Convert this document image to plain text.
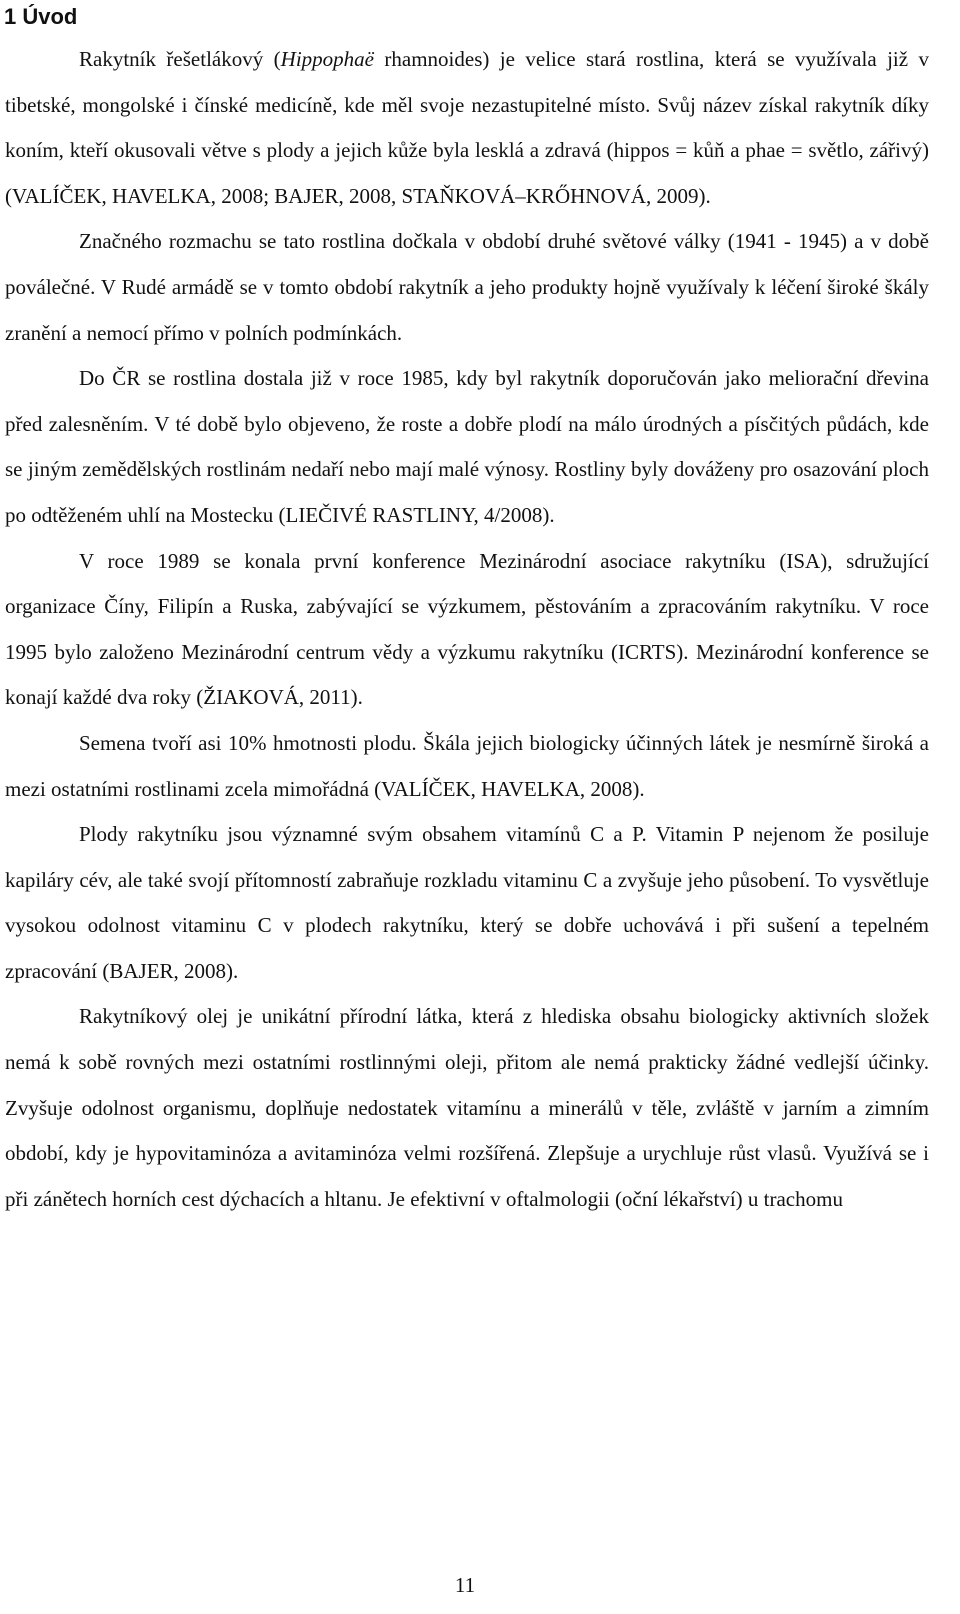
1 Úvod

Rakytník řešetlákový (Hippophaë rhamnoides) je velice stará rostlina, která se využívala již v tibetské, mongolské i čínské medicíně, kde měl svoje nezastupitelné místo. Svůj název získal rakytník díky koním, kteří okusovali větve s plody a jejich kůže byla lesklá a zdravá (hippos = kůň a phae = světlo, zářivý) (VALÍČEK, HAVELKA, 2008; BAJER, 2008, STAŇKOVÁ–KRŐHNOVÁ, 2009).

Značného rozmachu se tato rostlina dočkala v období druhé světové války (1941 - 1945) a v době poválečné. V Rudé armádě se v tomto období rakytník a jeho produkty hojně využívaly k léčení široké škály zranění a nemocí přímo v polních podmínkách.

Do ČR se rostlina dostala již v roce 1985, kdy byl rakytník doporučován jako meliorační dřevina před zalesněním. V té době bylo objeveno, že roste a dobře plodí na málo úrodných a písčitých půdách, kde se jiným zemědělských rostlinám nedaří nebo mají malé výnosy. Rostliny byly dováženy pro osazování ploch po odtěženém uhlí na Mostecku (LIEČIVÉ RASTLINY, 4/2008).

V roce 1989 se konala první konference Mezinárodní asociace rakytníku (ISA), sdružující organizace Číny, Filipín a Ruska, zabývající se výzkumem, pěstováním a zpracováním rakytníku. V roce 1995 bylo založeno Mezinárodní centrum vědy a výzkumu rakytníku (ICRTS). Mezinárodní konference se konají každé dva roky (ŽIAKOVÁ, 2011).

Semena tvoří asi 10% hmotnosti plodu. Škála jejich biologicky účinných látek je nesmírně široká a mezi ostatními rostlinami zcela mimořádná (VALÍČEK, HAVELKA, 2008).

Plody rakytníku jsou významné svým obsahem vitamínů C a P. Vitamin P nejenom že posiluje kapiláry cév, ale také svojí přítomností zabraňuje rozkladu vitaminu C a zvyšuje jeho působení. To vysvětluje vysokou odolnost vitaminu C v plodech rakytníku, který se dobře uchovává i při sušení a tepelném zpracování (BAJER, 2008).

Rakytníkový olej je unikátní přírodní látka, která z hlediska obsahu biologicky aktivních složek nemá k sobě rovných mezi ostatními rostlinnými oleji, přitom ale nemá prakticky žádné vedlejší účinky. Zvyšuje odolnost organismu, doplňuje nedostatek vitamínu a minerálů v těle, zvláště v jarním a zimním období, kdy je hypovitaminóza a avitaminóza velmi rozšířená. Zlepšuje a urychluje růst vlasů. Využívá se i při zánětech horních cest dýchacích a hltanu. Je efektivní v oftalmologii (oční lékařství) u trachomu

11
